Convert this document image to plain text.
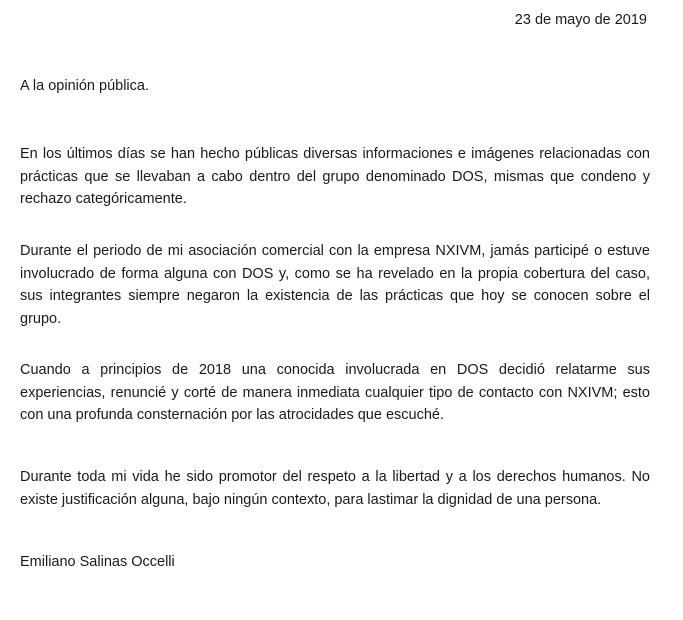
23 de mayo de 2019
A la opinión pública.

En los últimos días se han hecho públicas diversas informaciones e imágenes relacionadas con prácticas que se llevaban a cabo dentro del grupo denominado DOS, mismas que condeno y rechazo categóricamente.

Durante el periodo de mi asociación comercial con la empresa NXIVM, jamás participé o estuve involucrado de forma alguna con DOS y, como se ha revelado en la propia cobertura del caso, sus integrantes siempre negaron la existencia de las prácticas que hoy se conocen sobre el grupo.

Cuando a principios de 2018 una conocida involucrada en DOS decidió relatarme sus experiencias, renuncié y corté de manera inmediata cualquier tipo de contacto con NXIVM; esto con una profunda consternación por las atrocidades que escuché.

Durante toda mi vida he sido promotor del respeto a la libertad y a los derechos humanos. No existe justificación alguna, bajo ningún contexto, para lastimar la dignidad de una persona.

Emiliano Salinas Occelli
